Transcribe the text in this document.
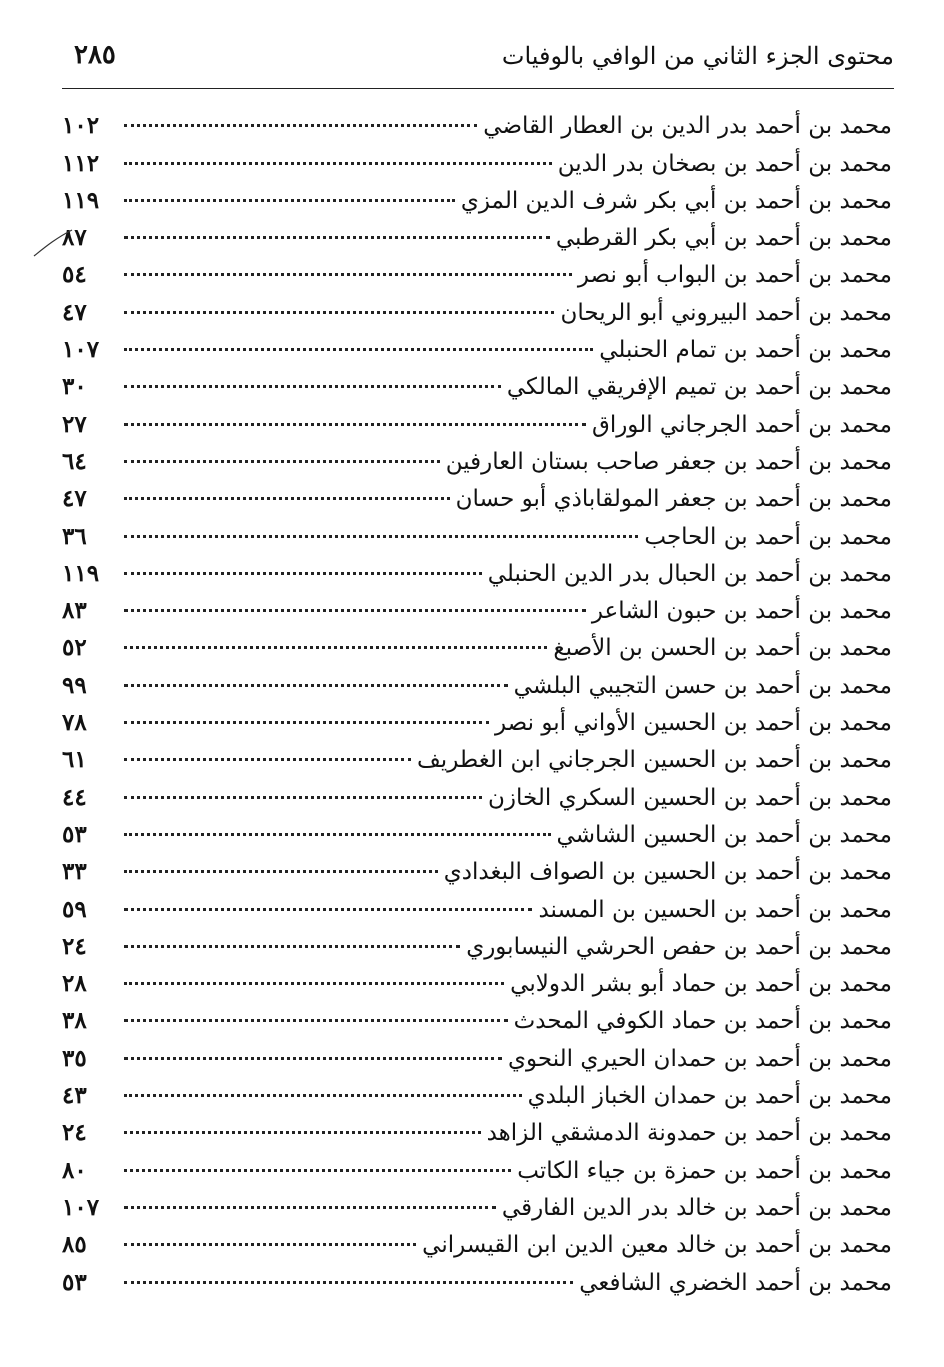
محتوى الجزء الثاني من الوافي بالوفيات
٢٨٥
محمد بن أحمد بدر الدين بن العطار القاضي
١٠٢
محمد بن أحمد بن بصخان بدر الدين
١١٢
محمد بن أحمد بن أبي بكر شرف الدين المزي
١١٩
محمد بن أحمد بن أبي بكر القرطبي
٨٧
محمد بن أحمد بن البواب أبو نصر
٥٤
محمد بن أحمد البيروني أبو الريحان
٤٧
محمد بن أحمد بن تمام الحنبلي
١٠٧
محمد بن أحمد بن تميم الإفريقي المالكي
٣٠
محمد بن أحمد الجرجاني الوراق
٢٧
محمد بن أحمد بن جعفر صاحب بستان العارفين
٦٤
محمد بن أحمد بن جعفر المولقاباذي أبو حسان
٤٧
محمد بن أحمد بن الحاجب
٣٦
محمد بن أحمد بن الحبال بدر الدين الحنبلي
١١٩
محمد بن أحمد بن حبون الشاعر
٨٣
محمد بن أحمد بن الحسن بن الأصبغ
٥٢
محمد بن أحمد بن حسن التجيبي البلشي
٩٩
محمد بن أحمد بن الحسين الأواني أبو نصر
٧٨
محمد بن أحمد بن الحسين الجرجاني ابن الغطريف
٦١
محمد بن أحمد بن الحسين السكري الخازن
٤٤
محمد بن أحمد بن الحسين الشاشي
٥٣
محمد بن أحمد بن الحسين بن الصواف البغدادي
٣٣
محمد بن أحمد بن الحسين بن المسند
٥٩
محمد بن أحمد بن حفص الحرشي النيسابوري
٢٤
محمد بن أحمد بن حماد أبو بشر الدولابي
٢٨
محمد بن أحمد بن حماد الكوفي المحدث
٣٨
محمد بن أحمد بن حمدان الحيري النحوي
٣٥
محمد بن أحمد بن حمدان الخباز البلدي
٤٣
محمد بن أحمد بن حمدونة الدمشقي الزاهد
٢٤
محمد بن أحمد بن حمزة بن جياء الكاتب
٨٠
محمد بن أحمد بن خالد بدر الدين الفارقي
١٠٧
محمد بن أحمد بن خالد معين الدين ابن القيسراني
٨٥
محمد بن أحمد الخضري الشافعي
٥٣
